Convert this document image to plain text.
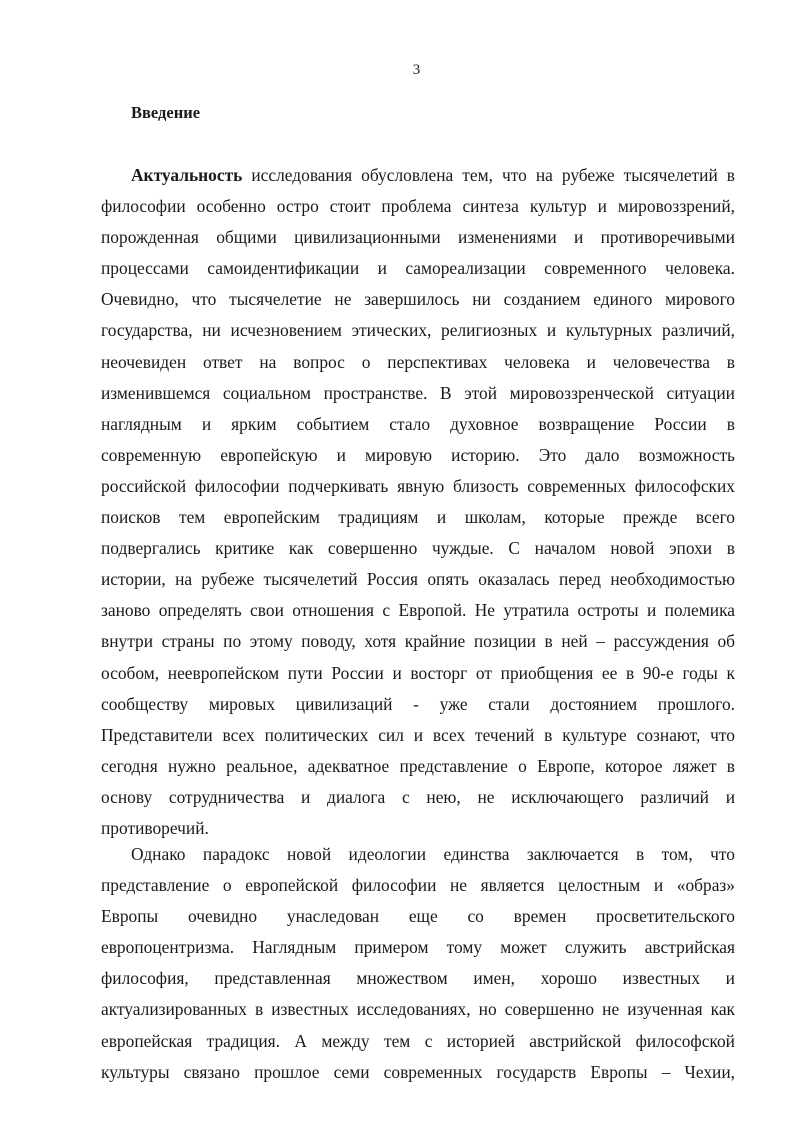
3
Введение
Актуальность исследования обусловлена тем, что на рубеже тысячелетий в
философии особенно остро стоит проблема синтеза культур и мировоззрений,
порожденная общими цивилизационными изменениями и противоречивыми
процессами самоидентификации и самореализации современного человека.
Очевидно, что тысячелетие не завершилось ни созданием единого мирового
государства, ни исчезновением этических, религиозных и культурных различий,
неочевиден ответ на вопрос о перспективах человека и человечества в
изменившемся социальном пространстве. В этой мировоззренческой ситуации
наглядным и ярким событием стало духовное возвращение России в
современную европейскую и мировую историю. Это дало возможность
российской философии подчеркивать явную близость современных философских
поисков тем европейским традициям и школам, которые прежде всего
подвергались критике как совершенно чуждые. С началом новой эпохи в
истории, на рубеже тысячелетий Россия опять оказалась перед необходимостью
заново определять свои отношения с Европой. Не утратила остроты и полемика
внутри страны по этому поводу, хотя крайние позиции в ней – рассуждения об
особом, неевропейском пути России и восторг от приобщения ее в 90-е годы к
сообществу мировых цивилизаций - уже стали достоянием прошлого.
Представители всех политических сил и всех течений в культуре сознают, что
сегодня нужно реальное, адекватное представление о Европе, которое ляжет в
основу сотрудничества и диалога с нею, не исключающего различий и
противоречий.
Однако парадокс новой идеологии единства заключается в том, что
представление о европейской философии не является целостным и «образ»
Европы очевидно унаследован еще со времен просветительского
европоцентризма. Наглядным примером тому может служить австрийская
философия, представленная множеством имен, хорошо известных и
актуализированных в известных исследованиях, но совершенно не изученная как
европейская традиция. А между тем с историей австрийской философской
культуры связано прошлое семи современных государств Европы – Чехии,
